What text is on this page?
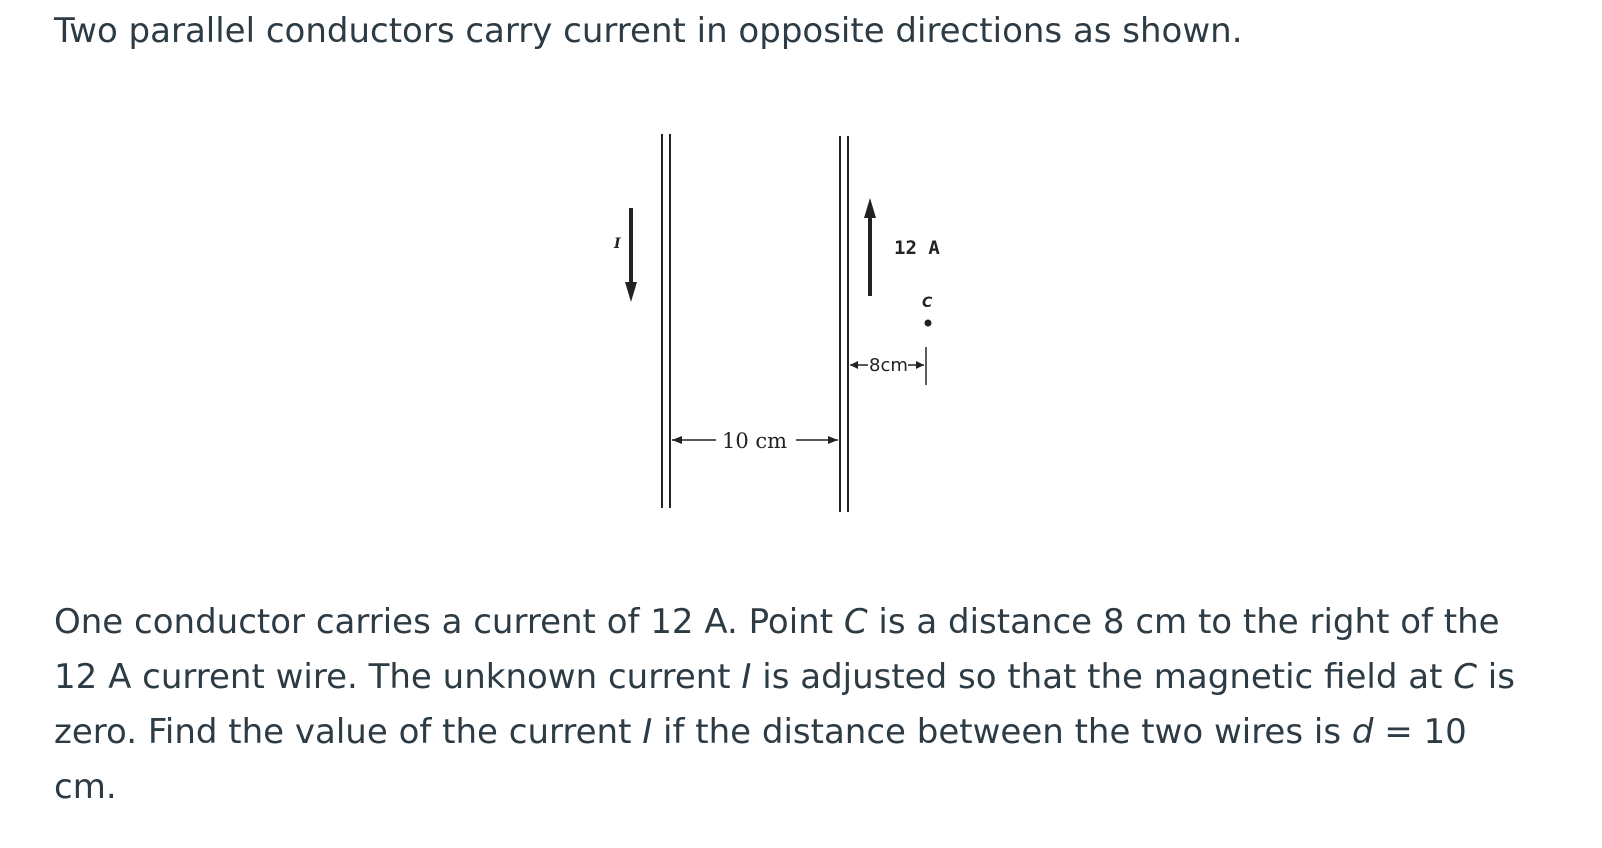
Two parallel conductors carry current in opposite directions as shown.

I	12 A
C
8cm
10 cm

One conductor carries a current of 12 A. Point C is a distance 8 cm to the right of the 12 A current wire. The unknown current I is adjusted so that the magnetic field at C is zero. Find the value of the current I if the distance between the two wires is d = 10 cm.
